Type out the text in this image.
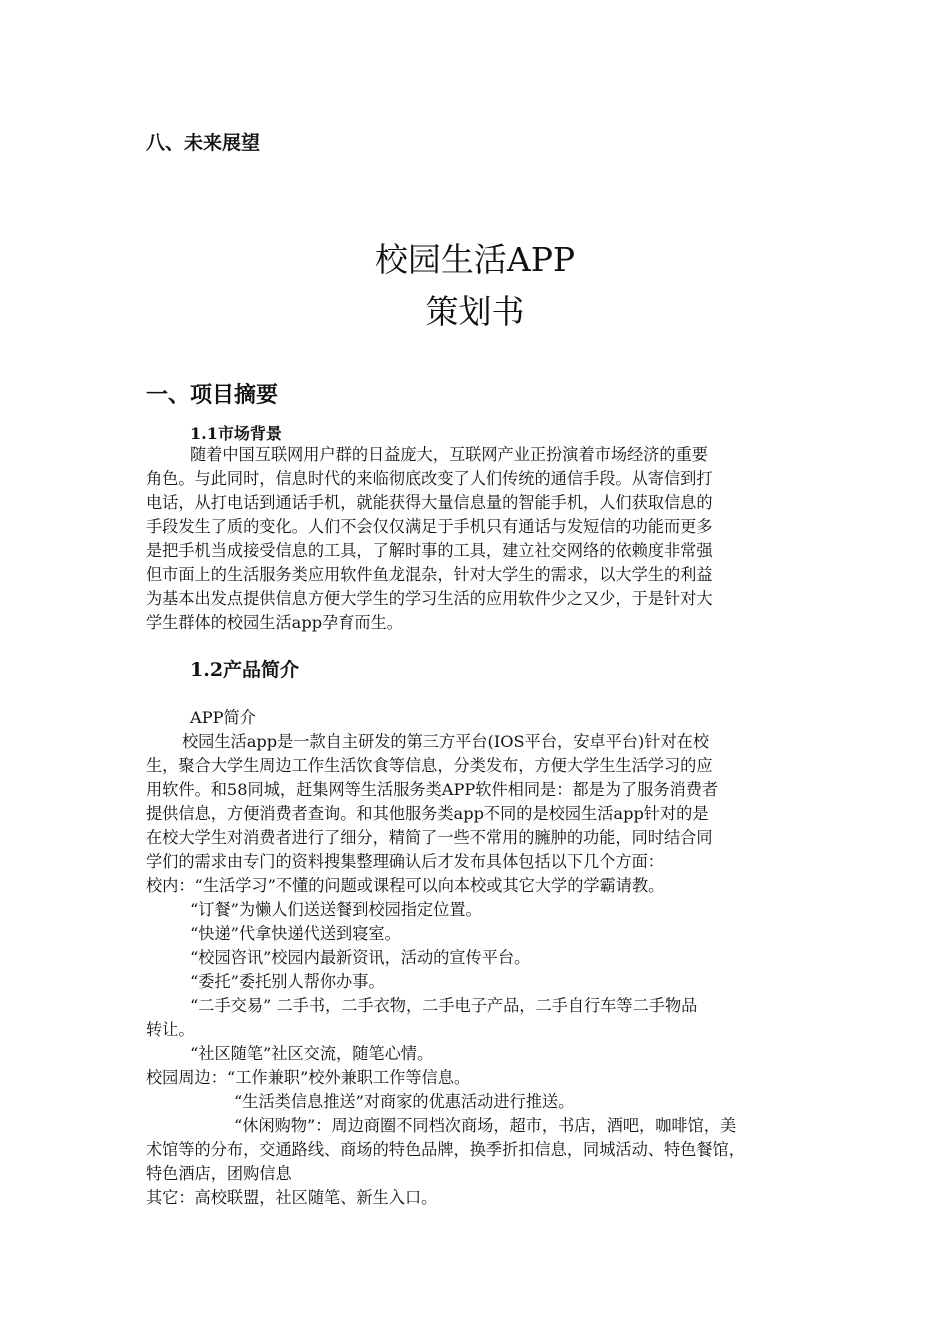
八、未来展望
校园生活APP
策划书
一、项目摘要
1.1市场背景
随着中国互联网用户群的日益庞大，互联网产业正扮演着市场经济的重要
角色。与此同时，信息时代的来临彻底改变了人们传统的通信手段。从寄信到打
电话，从打电话到通话手机，就能获得大量信息量的智能手机，人们获取信息的
手段发生了质的变化。人们不会仅仅满足于手机只有通话与发短信的功能而更多
是把手机当成接受信息的工具，了解时事的工具，建立社交网络的依赖度非常强
但市面上的生活服务类应用软件鱼龙混杂，针对大学生的需求，以大学生的利益
为基本出发点提供信息方便大学生的学习生活的应用软件少之又少，于是针对大
学生群体的校园生活app孕育而生。
1.2产品简介
APP简介
校园生活app是一款自主研发的第三方平台(IOS平台，安卓平台)针对在校
生，聚合大学生周边工作生活饮食等信息，分类发布，方便大学生生活学习的应
用软件。和58同城，赶集网等生活服务类APP软件相同是：都是为了服务消费者
提供信息，方便消费者查询。和其他服务类app不同的是校园生活app针对的是
在校大学生对消费者进行了细分，精简了一些不常用的臃肿的功能，同时结合同
学们的需求由专门的资料搜集整理确认后才发布具体包括以下几个方面：
校内：“生活学习”不懂的问题或课程可以向本校或其它大学的学霸请教。
“订餐”为懒人们送送餐到校园指定位置。
“快递”代拿快递代送到寝室。
“校园咨讯”校园内最新资讯，活动的宣传平台。
“委托”委托别人帮你办事。
“二手交易” 二手书，二手衣物，二手电子产品，二手自行车等二手物品
转让。
“社区随笔”社区交流，随笔心情。
校园周边：“工作兼职”校外兼职工作等信息。
“生活类信息推送”对商家的优惠活动进行推送。
“休闲购物”：周边商圈不同档次商场，超市，书店，酒吧，咖啡馆，美
术馆等的分布，交通路线、商场的特色品牌，换季折扣信息，同城活动、特色餐馆，
特色酒店，团购信息
其它：高校联盟，社区随笔、新生入口。
